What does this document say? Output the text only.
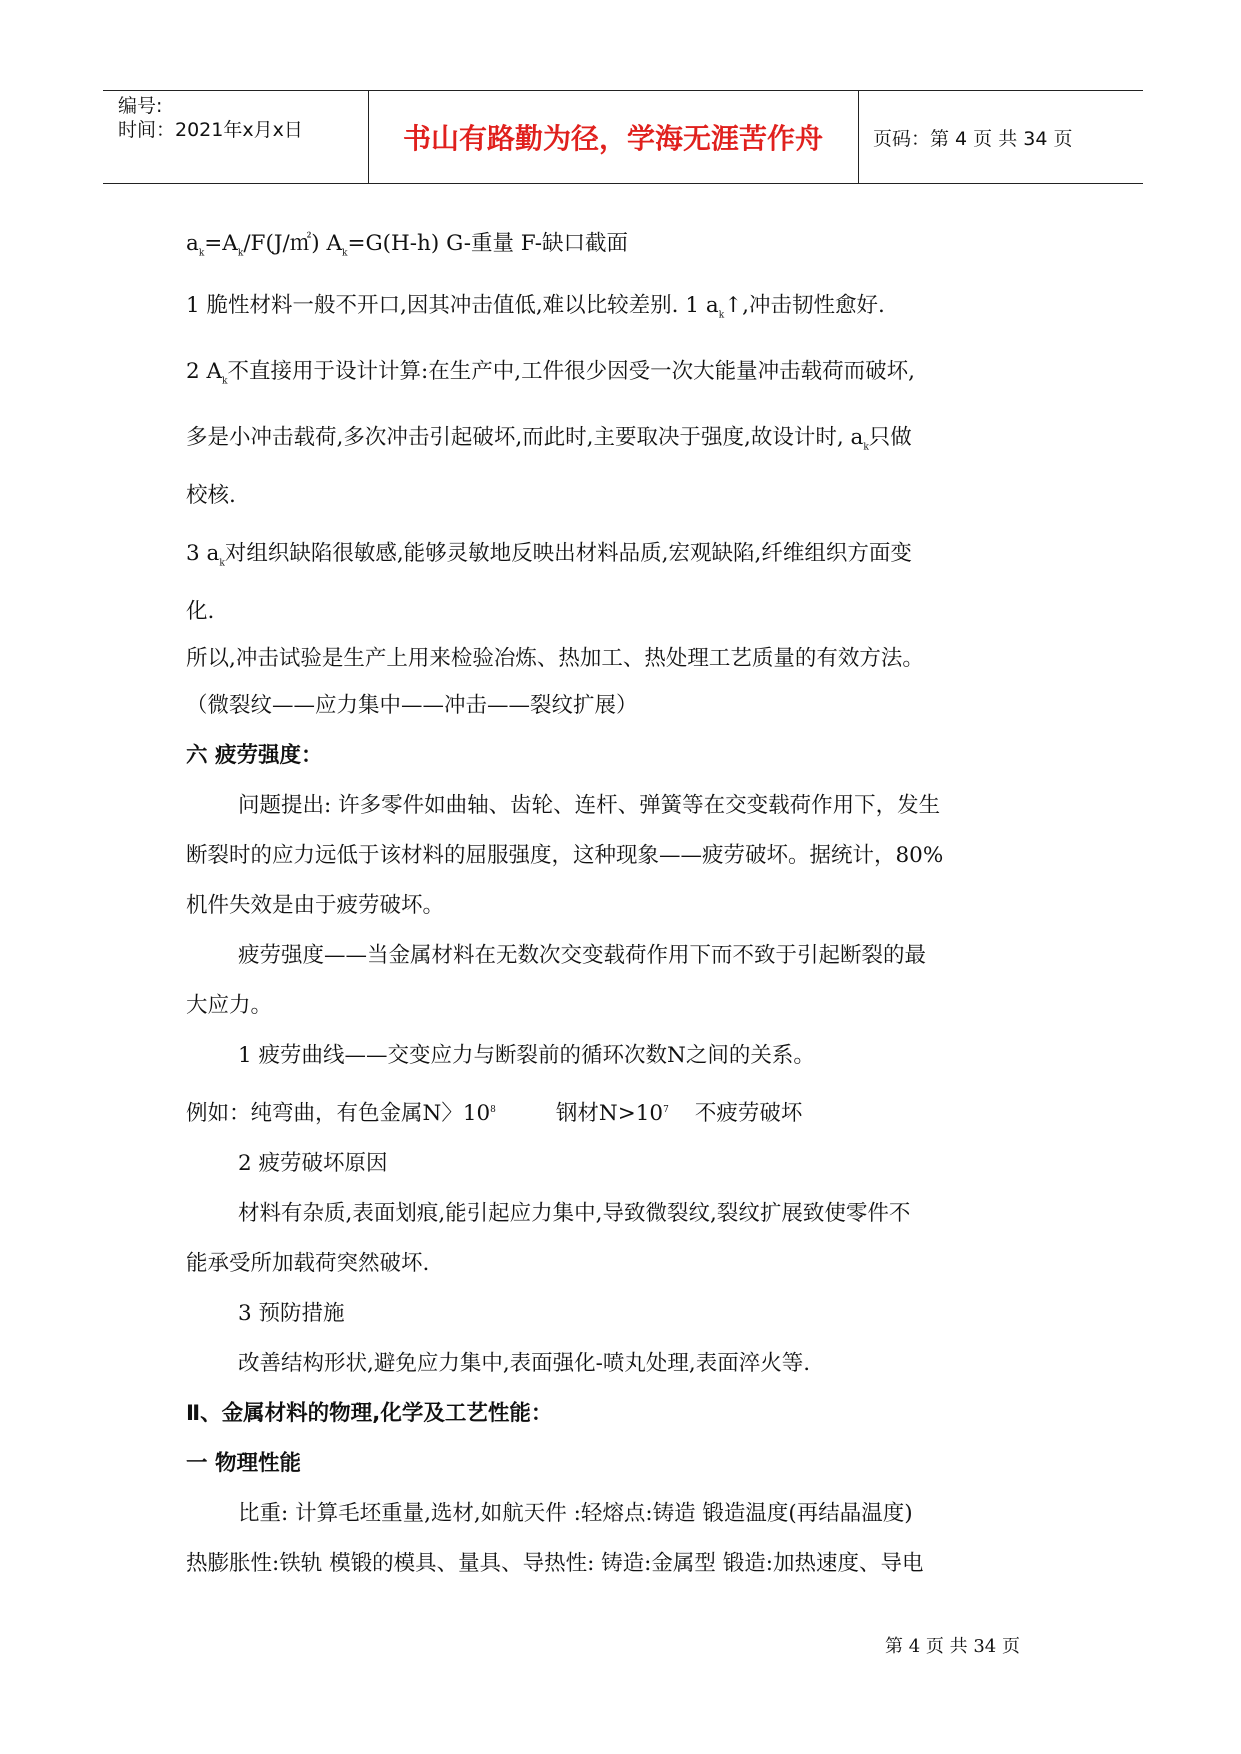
编号:
时间：2021年x月x日	书山有路勤为径，学海无涯苦作舟	页码：第 4 页 共 34 页
$a_k=A_k/F(J/㎡)$ $A_k=G(H-h)$ G-重量 F-缺口截面
1 脆性材料一般不开口,因其冲击值低,难以比较差别. 1 $a_k↑$,冲击韧性愈好.
2 $A_k$不直接用于设计计算:在生产中,工件很少因受一次大能量冲击载荷而破坏,
多是小冲击载荷,多次冲击引起破坏,而此时,主要取决于强度,故设计时, $a_k$只做
校核.
3 $a_k$对组织缺陷很敏感,能够灵敏地反映出材料品质,宏观缺陷,纤维组织方面变
化.
所以,冲击试验是生产上用来检验冶炼、热加工、热处理工艺质量的有效方法。
（微裂纹——应力集中——冲击——裂纹扩展）
六 疲劳强度：
问题提出: 许多零件如曲轴、齿轮、连杆、弹簧等在交变载荷作用下，发生
断裂时的应力远低于该材料的屈服强度，这种现象——疲劳破坏。据统计，80%
机件失效是由于疲劳破坏。
疲劳强度——当金属材料在无数次交变载荷作用下而不致于引起断裂的最
大应力。
1 疲劳曲线——交变应力与断裂前的循环次数N之间的关系。
例如：纯弯曲，有色金属N〉$10^8$	钢材$N>10^7$ 不疲劳破坏
2 疲劳破坏原因
材料有杂质,表面划痕,能引起应力集中,导致微裂纹,裂纹扩展致使零件不
能承受所加载荷突然破坏.
3 预防措施
改善结构形状,避免应力集中,表面强化-喷丸处理,表面淬火等.
Ⅱ、金属材料的物理,化学及工艺性能：
一 物理性能
比重: 计算毛坯重量,选材,如航天件 :轻熔点:铸造 锻造温度(再结晶温度)
热膨胀性:铁轨 模锻的模具、量具、导热性: 铸造:金属型 锻造:加热速度、导电
第 4 页 共 34 页
